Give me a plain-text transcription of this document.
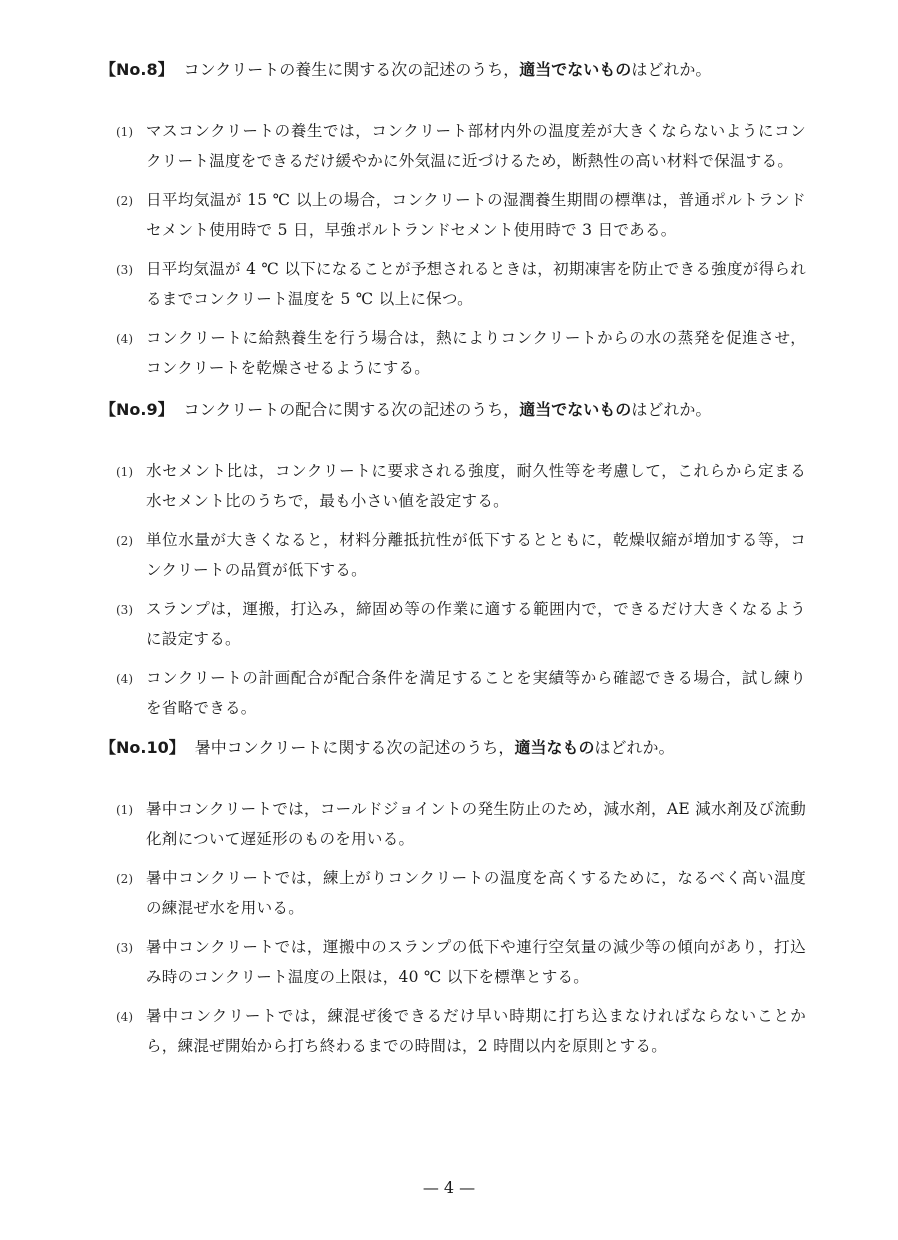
【No.8】 コンクリートの養生に関する次の記述のうち，適当でないものはどれか。
(1) マスコンクリートの養生では，コンクリート部材内外の温度差が大きくならないようにコンクリート温度をできるだけ緩やかに外気温に近づけるため，断熱性の高い材料で保温する。
(2) 日平均気温が 15 ℃ 以上の場合，コンクリートの湿潤養生期間の標準は，普通ポルトランドセメント使用時で 5 日，早強ポルトランドセメント使用時で 3 日である。
(3) 日平均気温が 4 ℃ 以下になることが予想されるときは，初期凍害を防止できる強度が得られるまでコンクリート温度を 5 ℃ 以上に保つ。
(4) コンクリートに給熱養生を行う場合は，熱によりコンクリートからの水の蒸発を促進させ，コンクリートを乾燥させるようにする。
【No.9】 コンクリートの配合に関する次の記述のうち，適当でないものはどれか。
(1) 水セメント比は，コンクリートに要求される強度，耐久性等を考慮して，これらから定まる水セメント比のうちで，最も小さい値を設定する。
(2) 単位水量が大きくなると，材料分離抵抗性が低下するとともに，乾燥収縮が増加する等，コンクリートの品質が低下する。
(3) スランプは，運搬，打込み，締固め等の作業に適する範囲内で，できるだけ大きくなるように設定する。
(4) コンクリートの計画配合が配合条件を満足することを実績等から確認できる場合，試し練りを省略できる。
【No.10】 暑中コンクリートに関する次の記述のうち，適当なものはどれか。
(1) 暑中コンクリートでは，コールドジョイントの発生防止のため，減水剤，AE 減水剤及び流動化剤について遅延形のものを用いる。
(2) 暑中コンクリートでは，練上がりコンクリートの温度を高くするために，なるべく高い温度の練混ぜ水を用いる。
(3) 暑中コンクリートでは，運搬中のスランプの低下や連行空気量の減少等の傾向があり，打込み時のコンクリート温度の上限は，40 ℃ 以下を標準とする。
(4) 暑中コンクリートでは，練混ぜ後できるだけ早い時期に打ち込まなければならないことから，練混ぜ開始から打ち終わるまでの時間は，2 時間以内を原則とする。
— 4 —
